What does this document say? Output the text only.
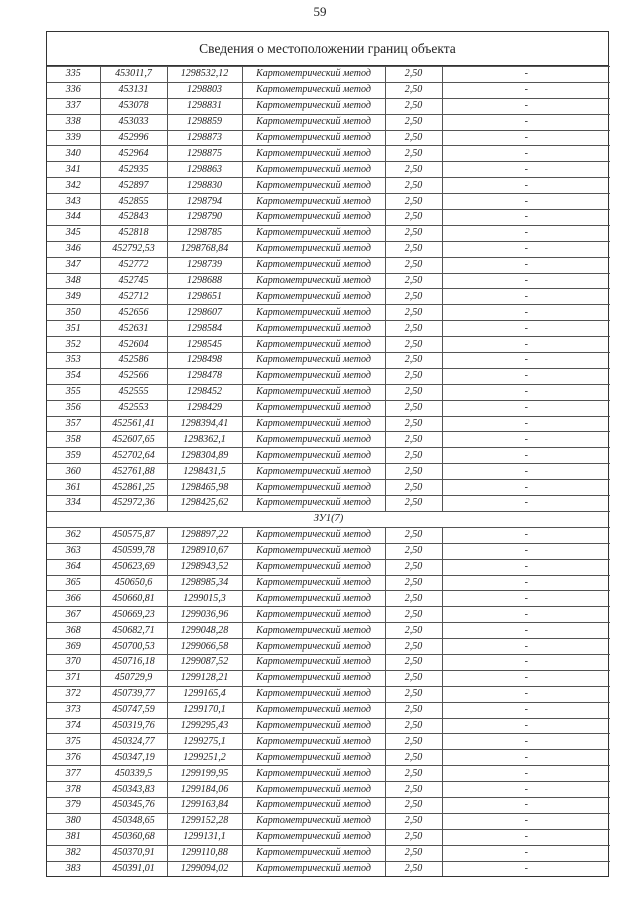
59
Сведения о местоположении границ объекта
335	453011,7	1298532,12	Картометрический метод	2,50	-
336	453131	1298803	Картометрический метод	2,50	-
337	453078	1298831	Картометрический метод	2,50	-
338	453033	1298859	Картометрический метод	2,50	-
339	452996	1298873	Картометрический метод	2,50	-
340	452964	1298875	Картометрический метод	2,50	-
341	452935	1298863	Картометрический метод	2,50	-
342	452897	1298830	Картометрический метод	2,50	-
343	452855	1298794	Картометрический метод	2,50	-
344	452843	1298790	Картометрический метод	2,50	-
345	452818	1298785	Картометрический метод	2,50	-
346	452792,53	1298768,84	Картометрический метод	2,50	-
347	452772	1298739	Картометрический метод	2,50	-
348	452745	1298688	Картометрический метод	2,50	-
349	452712	1298651	Картометрический метод	2,50	-
350	452656	1298607	Картометрический метод	2,50	-
351	452631	1298584	Картометрический метод	2,50	-
352	452604	1298545	Картометрический метод	2,50	-
353	452586	1298498	Картометрический метод	2,50	-
354	452566	1298478	Картометрический метод	2,50	-
355	452555	1298452	Картометрический метод	2,50	-
356	452553	1298429	Картометрический метод	2,50	-
357	452561,41	1298394,41	Картометрический метод	2,50	-
358	452607,65	1298362,1	Картометрический метод	2,50	-
359	452702,64	1298304,89	Картометрический метод	2,50	-
360	452761,88	1298431,5	Картометрический метод	2,50	-
361	452861,25	1298465,98	Картометрический метод	2,50	-
334	452972,36	1298425,62	Картометрический метод	2,50	-
ЗУ1(7)					
362	450575,87	1298897,22	Картометрический метод	2,50	-
363	450599,78	1298910,67	Картометрический метод	2,50	-
364	450623,69	1298943,52	Картометрический метод	2,50	-
365	450650,6	1298985,34	Картометрический метод	2,50	-
366	450660,81	1299015,3	Картометрический метод	2,50	-
367	450669,23	1299036,96	Картометрический метод	2,50	-
368	450682,71	1299048,28	Картометрический метод	2,50	-
369	450700,53	1299066,58	Картометрический метод	2,50	-
370	450716,18	1299087,52	Картометрический метод	2,50	-
371	450729,9	1299128,21	Картометрический метод	2,50	-
372	450739,77	1299165,4	Картометрический метод	2,50	-
373	450747,59	1299170,1	Картометрический метод	2,50	-
374	450319,76	1299295,43	Картометрический метод	2,50	-
375	450324,77	1299275,1	Картометрический метод	2,50	-
376	450347,19	1299251,2	Картометрический метод	2,50	-
377	450339,5	1299199,95	Картометрический метод	2,50	-
378	450343,83	1299184,06	Картометрический метод	2,50	-
379	450345,76	1299163,84	Картометрический метод	2,50	-
380	450348,65	1299152,28	Картометрический метод	2,50	-
381	450360,68	1299131,1	Картометрический метод	2,50	-
382	450370,91	1299110,88	Картометрический метод	2,50	-
383	450391,01	1299094,02	Картометрический метод	2,50	-
